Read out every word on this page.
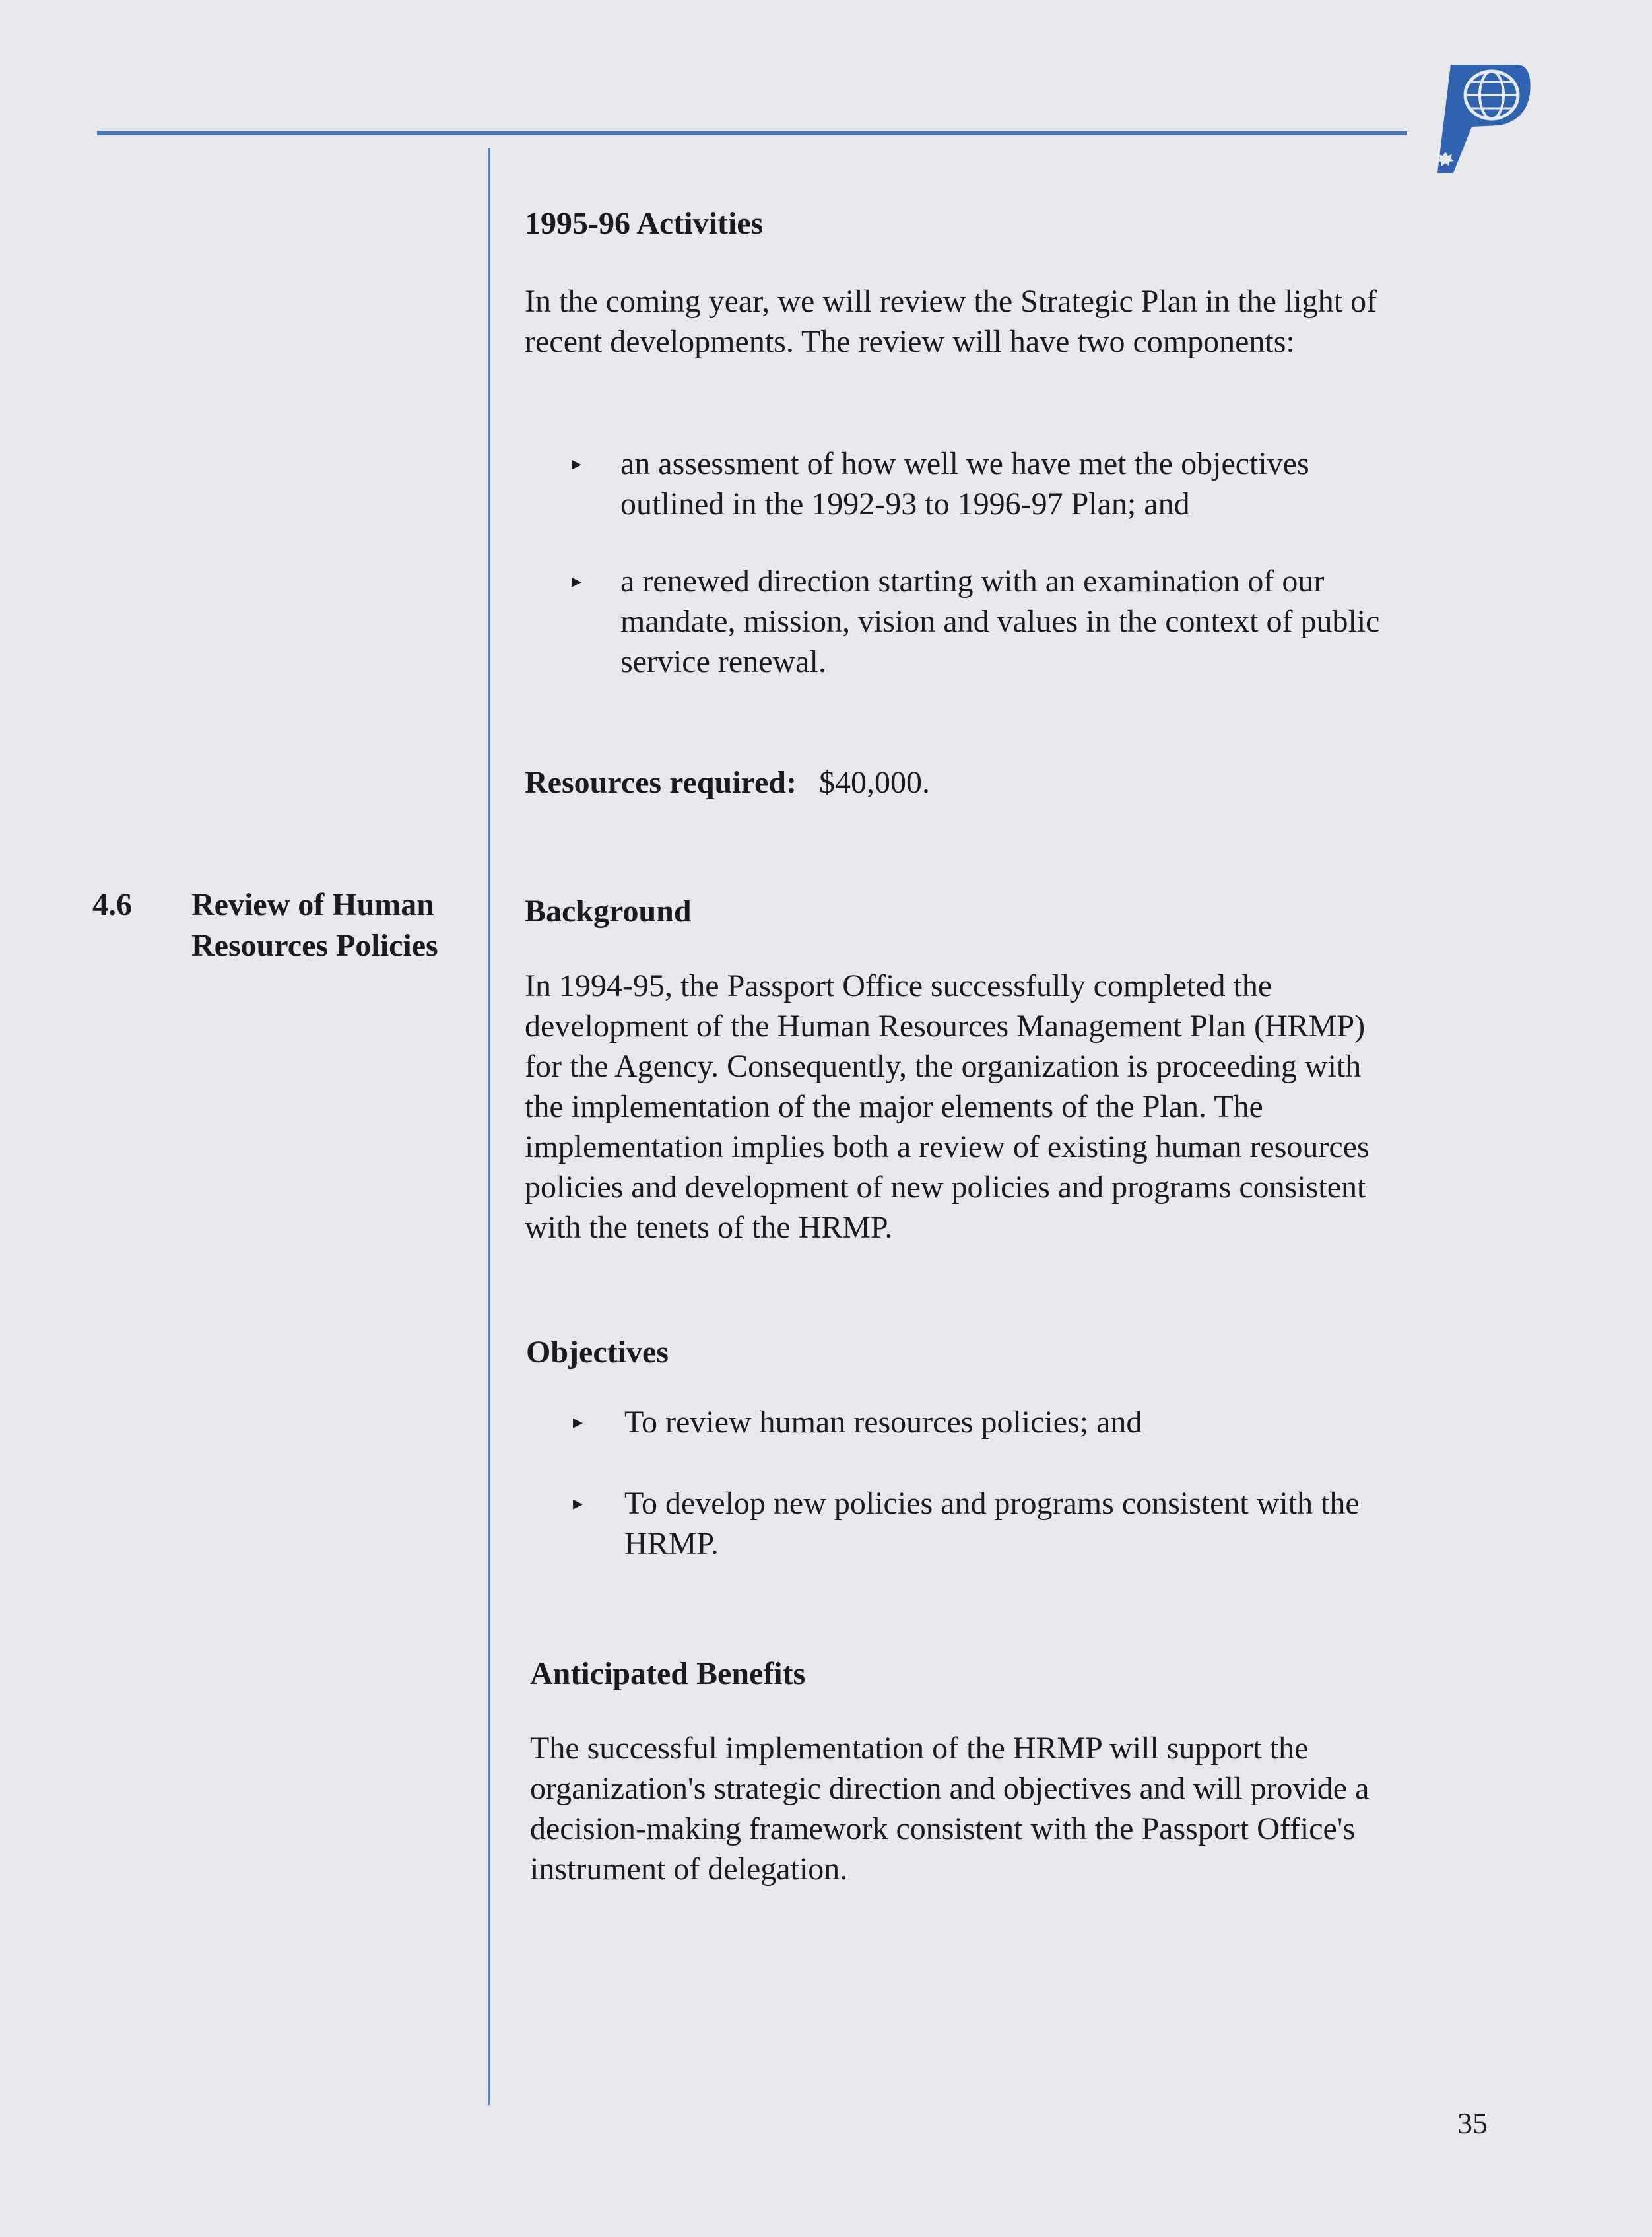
4.6	Review of Human Resources Policies
1995-96 Activities
In the coming year, we will review the Strategic Plan in the light of recent developments. The review will have two components:
▸ an assessment of how well we have met the objectives outlined in the 1992-93 to 1996-97 Plan; and
▸ a renewed direction starting with an examination of our mandate, mission, vision and values in the context of public service renewal.
Resources required: $40,000.
Background
In 1994-95, the Passport Office successfully completed the development of the Human Resources Management Plan (HRMP) for the Agency. Consequently, the organization is proceeding with the implementation of the major elements of the Plan. The implementation implies both a review of existing human resources policies and development of new policies and programs consistent with the tenets of the HRMP.
Objectives
▸ To review human resources policies; and
▸ To develop new policies and programs consistent with the HRMP.
Anticipated Benefits
The successful implementation of the HRMP will support the organization's strategic direction and objectives and will provide a decision-making framework consistent with the Passport Office's instrument of delegation.
35
